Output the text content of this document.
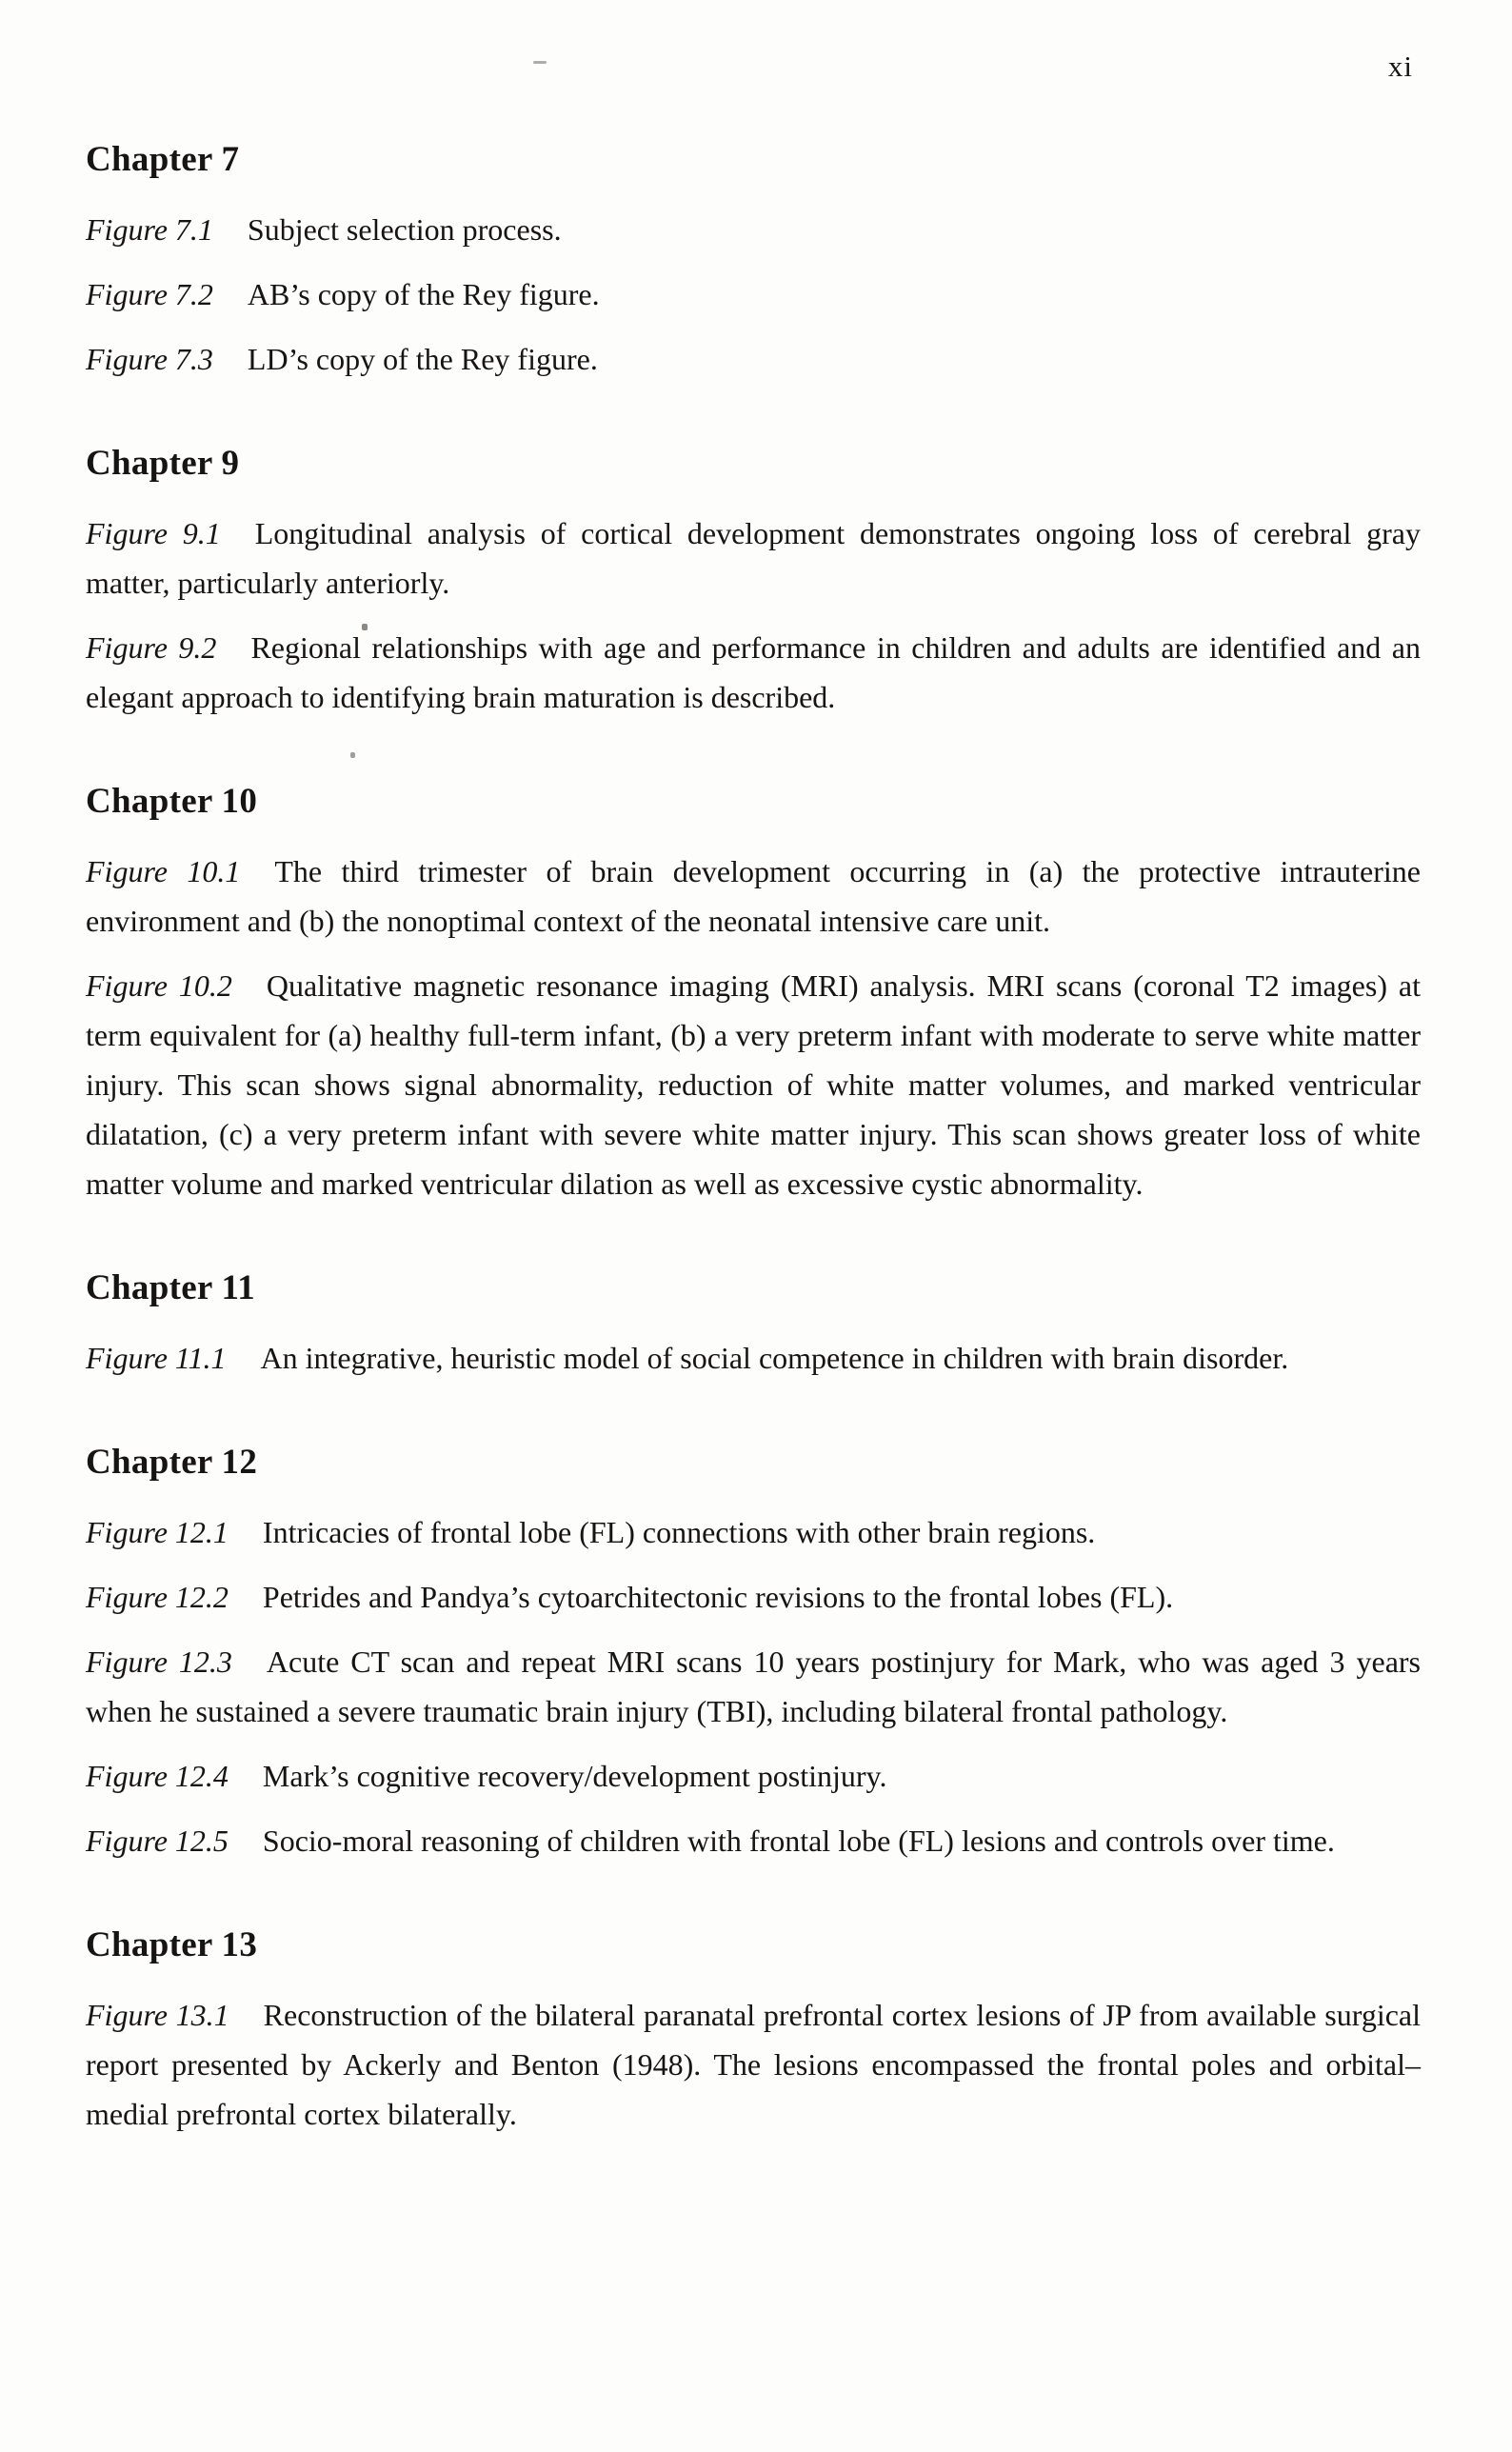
xi
Chapter 7

Figure 7.1 Subject selection process.

Figure 7.2 AB’s copy of the Rey figure.

Figure 7.3 LD’s copy of the Rey figure.

Chapter 9

Figure 9.1 Longitudinal analysis of cortical development demonstrates ongoing loss of cerebral gray matter, particularly anteriorly.

Figure 9.2 Regional relationships with age and performance in children and adults are identified and an elegant approach to identifying brain maturation is described.

Chapter 10

Figure 10.1 The third trimester of brain development occurring in (a) the protective intrauterine environment and (b) the nonoptimal context of the neonatal intensive care unit.

Figure 10.2 Qualitative magnetic resonance imaging (MRI) analysis. MRI scans (coronal T2 images) at term equivalent for (a) healthy full-term infant, (b) a very preterm infant with moderate to serve white matter injury. This scan shows signal abnormality, reduction of white matter volumes, and marked ventricular dilatation, (c) a very preterm infant with severe white matter injury. This scan shows greater loss of white matter volume and marked ventricular dilation as well as excessive cystic abnormality.

Chapter 11

Figure 11.1 An integrative, heuristic model of social competence in children with brain disorder.

Chapter 12

Figure 12.1 Intricacies of frontal lobe (FL) connections with other brain regions.

Figure 12.2 Petrides and Pandya’s cytoarchitectonic revisions to the frontal lobes (FL).

Figure 12.3 Acute CT scan and repeat MRI scans 10 years postinjury for Mark, who was aged 3 years when he sustained a severe traumatic brain injury (TBI), including bilateral frontal pathology.

Figure 12.4 Mark’s cognitive recovery/development postinjury.

Figure 12.5 Socio-moral reasoning of children with frontal lobe (FL) lesions and controls over time.

Chapter 13

Figure 13.1 Reconstruction of the bilateral paranatal prefrontal cortex lesions of JP from available surgical report presented by Ackerly and Benton (1948). The lesions encompassed the frontal poles and orbital–medial prefrontal cortex bilaterally.
